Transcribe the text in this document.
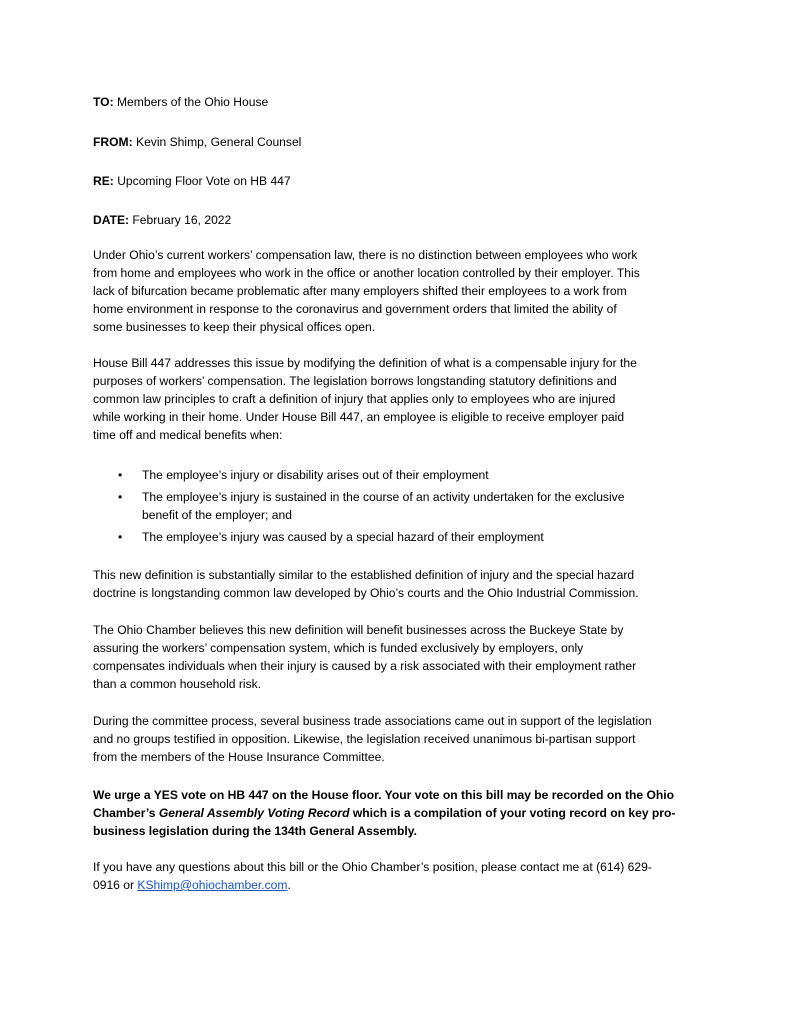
TO: Members of the Ohio House
FROM: Kevin Shimp, General Counsel
RE: Upcoming Floor Vote on HB 447
DATE: February 16, 2022
Under Ohio’s current workers’ compensation law, there is no distinction between employees who work
from home and employees who work in the office or another location controlled by their employer. This
lack of bifurcation became problematic after many employers shifted their employees to a work from
home environment in response to the coronavirus and government orders that limited the ability of
some businesses to keep their physical offices open.
House Bill 447 addresses this issue by modifying the definition of what is a compensable injury for the
purposes of workers’ compensation. The legislation borrows longstanding statutory definitions and
common law principles to craft a definition of injury that applies only to employees who are injured
while working in their home. Under House Bill 447, an employee is eligible to receive employer paid
time off and medical benefits when:
• The employee’s injury or disability arises out of their employment
• The employee’s injury is sustained in the course of an activity undertaken for the exclusive
benefit of the employer; and
• The employee’s injury was caused by a special hazard of their employment
This new definition is substantially similar to the established definition of injury and the special hazard
doctrine is longstanding common law developed by Ohio’s courts and the Ohio Industrial Commission.
The Ohio Chamber believes this new definition will benefit businesses across the Buckeye State by
assuring the workers’ compensation system, which is funded exclusively by employers, only
compensates individuals when their injury is caused by a risk associated with their employment rather
than a common household risk.
During the committee process, several business trade associations came out in support of the legislation
and no groups testified in opposition. Likewise, the legislation received unanimous bi-partisan support
from the members of the House Insurance Committee.
We urge a YES vote on HB 447 on the House floor. Your vote on this bill may be recorded on the Ohio
Chamber’s General Assembly Voting Record which is a compilation of your voting record on key pro-
business legislation during the 134th General Assembly.
If you have any questions about this bill or the Ohio Chamber’s position, please contact me at (614) 629-
0916 or KShimp@ohiochamber.com.
